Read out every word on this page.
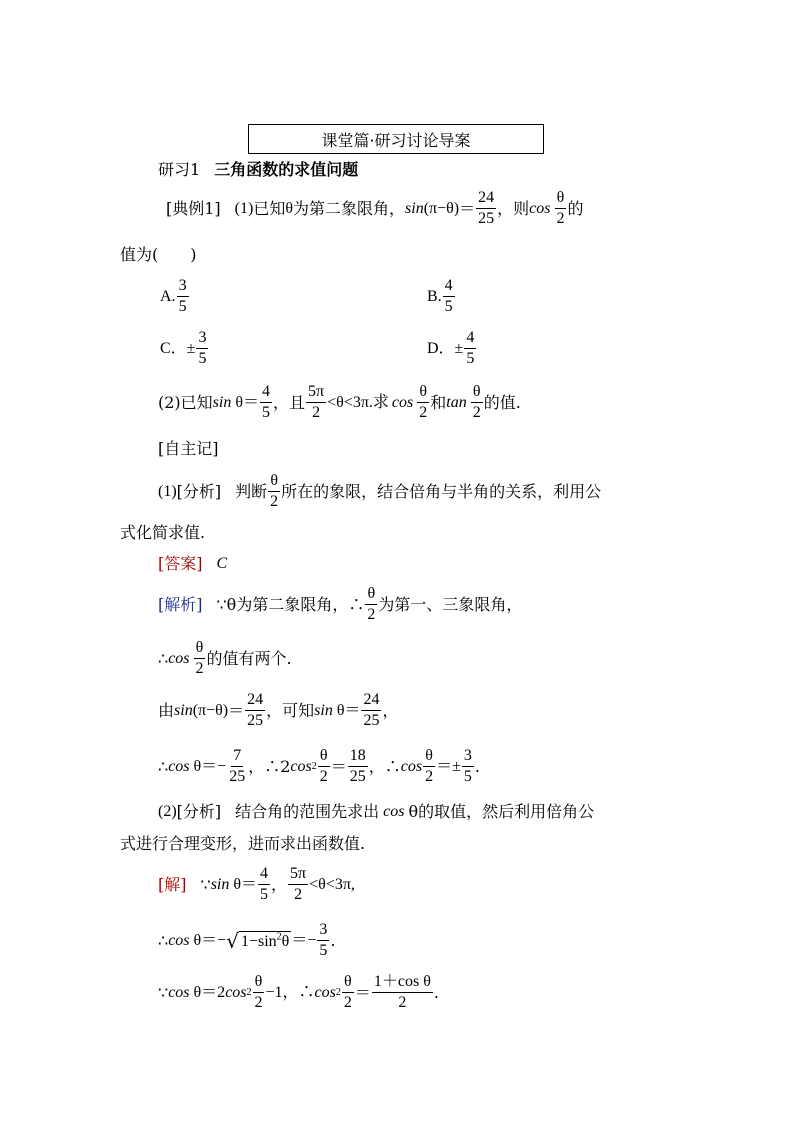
课堂篇·研习讨论导案
研习1 三角函数的求值问题
[典例1] (1) 已知 θ 为第二象限角， $\sin (\pi-\theta) = \frac{24}{25}$ ，则 $\cos \frac{\theta}{2}$ 的
值为(　　)
A. $\frac{3}{5}$	B. $\frac{4}{5}$
C．± $\frac{3}{5}$	D．± $\frac{4}{5}$
(2)已知 $\sin \theta= \frac{4}{5}$ ，且 $\frac{5\pi}{2} <\theta<3\pi$.求 $\cos \frac{\theta}{2}$ 和 $\tan \frac{\theta}{2}$ 的值.
[自主记]
(1) [分析] 判断 $\frac{\theta}{2}$ 所在的象限，结合倍角与半角的关系，利用公
式化简求值.
[答案] C
[解析] ∵θ为第二象限角，∴ $\frac{\theta}{2}$ 为第一、三象限角，
∴ $\cos \frac{\theta}{2}$ 的值有两个.
由 $\sin (\pi-\theta) = \frac{24}{25}$ ，可知 $\sin \theta= \frac{24}{25}$ ，
∴ $\cos \theta=- \frac{7}{25}$ ，∴2 $\cos 2 \frac{\theta}{2} = \frac{18}{25}$ ，∴ $\cos \frac{\theta}{2} =\pm \frac{3}{5}$ .
(2) [分析] 结合角的范围先求出 cos θ的取值，然后利用倍角公
式进行合理变形，进而求出函数值.
[解] ∵ $\sin \theta= \frac{4}{5}$ ， $\frac{5\pi}{2} <\theta<3\pi$,
∴ cos θ＝− √ $1-\sin^2\theta =- \frac{3}{5}$ .
∵ cos θ＝2 $\cos 2 \frac{\theta}{2} -1$，∴ $\cos 2 \frac{\theta}{2} = \frac{\text{1＋cos θ}}{2}$ .
